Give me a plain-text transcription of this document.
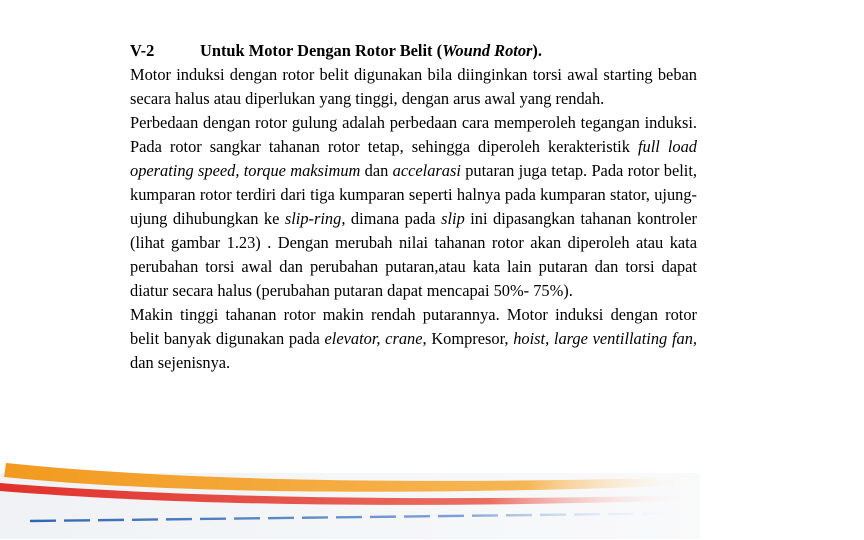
V-2	Untuk Motor Dengan Rotor Belit (Wound Rotor).

Motor induksi dengan rotor belit digunakan bila diinginkan torsi awal starting beban secara halus atau diperlukan yang tinggi, dengan arus awal yang rendah.

Perbedaan dengan rotor gulung adalah perbedaan cara memperoleh tegangan induksi. Pada rotor sangkar tahanan rotor tetap, sehingga diperoleh kerakteristik full load operating speed, torque maksimum dan accelarasi putaran juga tetap. Pada rotor belit, kumparan rotor terdiri dari tiga kumparan seperti halnya pada kumparan stator, ujung- ujung dihubungkan ke slip-ring, dimana pada slip ini dipasangkan tahanan kontroler (lihat gambar 1.23) . Dengan merubah nilai tahanan rotor akan diperoleh atau kata perubahan torsi awal dan perubahan putaran,atau kata lain putaran dan torsi dapat diatur secara halus (perubahan putaran dapat mencapai 50%- 75%).

Makin tinggi tahanan rotor makin rendah putarannya. Motor induksi dengan rotor belit banyak digunakan pada elevator, crane, Kompresor, hoist, large ventillating fan, dan sejenisnya.
